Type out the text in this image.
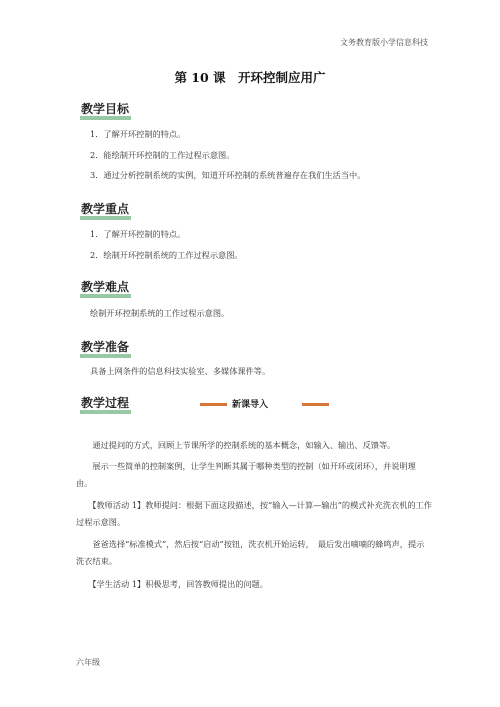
文务教育版小学信息科技
第 10 课　开环控制应用广
教学目标
1．了解开环控制的特点。
2．能绘制开环控制的工作过程示意图。
3．通过分析控制系统的实例，知道开环控制的系统普遍存在我们生活当中。
教学重点
1．了解开环控制的特点。
2．绘制开环控制系统的工作过程示意图。
教学难点
绘制开环控制系统的工作过程示意图。
教学准备
具备上网条件的信息科技实验室、多媒体课件等。
教学过程	新课导入
　　通过提问的方式，回顾上节课所学的控制系统的基本概念，如输入、输出、反馈等。
　　展示一些简单的控制案例，让学生判断其属于哪种类型的控制（如开环或闭环），并说明理由。
　　【教师活动 1】教师提问：根据下面这段描述，按“输入—计算—输出”的模式补充洗衣机的工作过程示意图。
　　爸爸选择“标准模式”，然后按“启动”按钮，洗衣机开始运转，　最后发出嘀嘀的蜂鸣声，提示洗衣结束。
　　【学生活动 1】积极思考，回答教师提出的问题。
六年级
